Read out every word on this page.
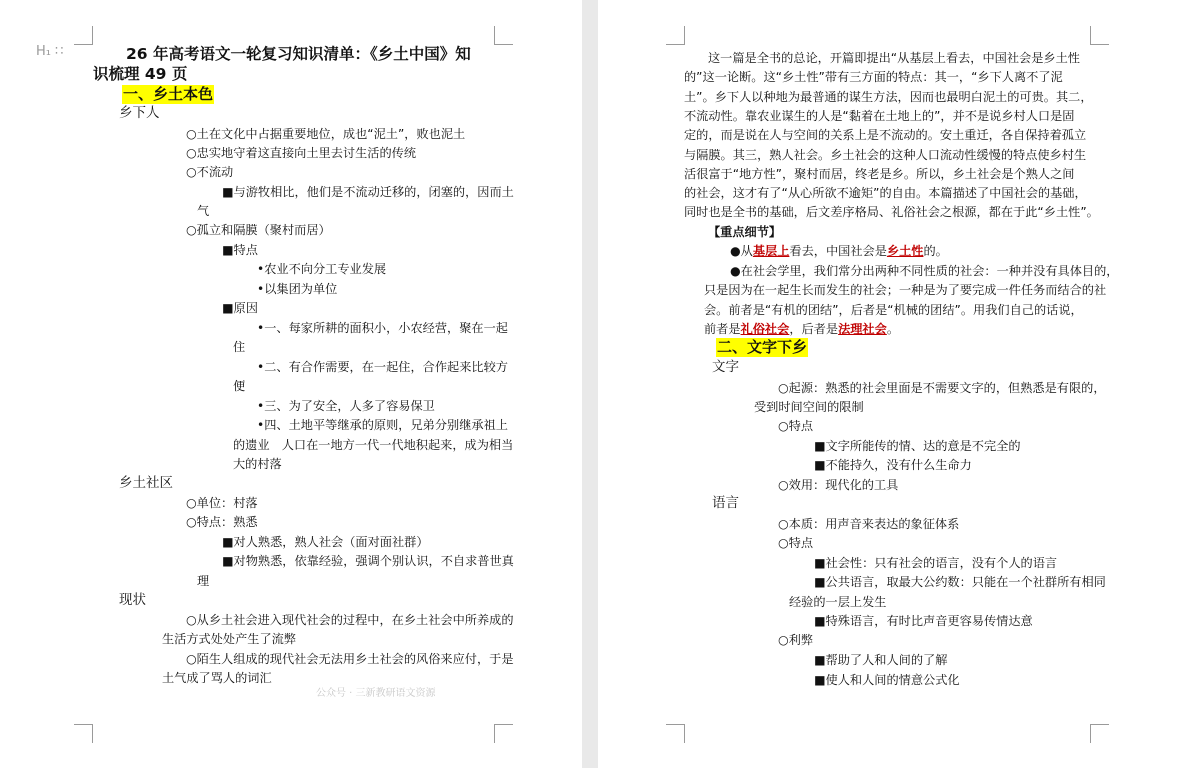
H₁ ∷	26 年高考语文一轮复习知识清单：《乡土中国》知
识梳理 49 页
一、乡土本色
乡下人
○土在文化中占据重要地位，成也“泥土”，败也泥土
○忠实地守着这直接向土里去讨生活的传统
○不流动
■与游牧相比，他们是不流动迁移的，闭塞的，因而土
气
○孤立和隔膜（聚村而居）
■特点
•农业不向分工专业发展
•以集团为单位
■原因
•一、每家所耕的面积小，小农经营，聚在一起
住
•二、有合作需要，在一起住，合作起来比较方
便
•三、为了安全，人多了容易保卫
•四、土地平等继承的原则，兄弟分别继承祖上
的遗业　人口在一地方一代一代地积起来，成为相当
大的村落
乡土社区
○单位：村落
○特点：熟悉
■对人熟悉，熟人社会（面对面社群）
■对物熟悉，依靠经验，强调个别认识，不自求普世真
理
现状
○从乡土社会进入现代社会的过程中，在乡土社会中所养成的
生活方式处处产生了流弊
○陌生人组成的现代社会无法用乡土社会的风俗来应付，于是
土气成了骂人的词汇
公众号 · 三新教研语文资源
这一篇是全书的总论，开篇即提出“从基层上看去，中国社会是乡土性
的”这一论断。这“乡土性”带有三方面的特点：其一，“乡下人离不了泥
土”。乡下人以种地为最普通的谋生方法，因而也最明白泥土的可贵。其二，
不流动性。靠农业谋生的人是“黏着在土地上的”，并不是说乡村人口是固
定的，而是说在人与空间的关系上是不流动的。安土重迁，各自保持着孤立
与隔膜。其三，熟人社会。乡土社会的这种人口流动性缓慢的特点使乡村生
活很富于“地方性”，聚村而居，终老是乡。所以，乡土社会是个熟人之间
的社会，这才有了“从心所欲不逾矩”的自由。本篇描述了中国社会的基础，
同时也是全书的基础，后文差序格局、礼俗社会之根源，都在于此“乡土性”。
【重点细节】
●从基层上看去，中国社会是乡土性的。
●在社会学里，我们常分出两种不同性质的社会：一种并没有具体目的，
只是因为在一起生长而发生的社会；一种是为了要完成一件任务而结合的社
会。前者是“有机的团结”，后者是“机械的团结”。用我们自己的话说，
前者是礼俗社会，后者是法理社会。
二、文字下乡
文字
○起源：熟悉的社会里面是不需要文字的，但熟悉是有限的，
受到时间空间的限制
○特点
■文字所能传的情、达的意是不完全的
■不能持久，没有什么生命力
○效用：现代化的工具
语言
○本质：用声音来表达的象征体系
○特点
■社会性：只有社会的语言，没有个人的语言
■公共语言，取最大公约数：只能在一个社群所有相同
经验的一层上发生
■特殊语言，有时比声音更容易传情达意
○利弊
■帮助了人和人间的了解
■使人和人间的情意公式化
